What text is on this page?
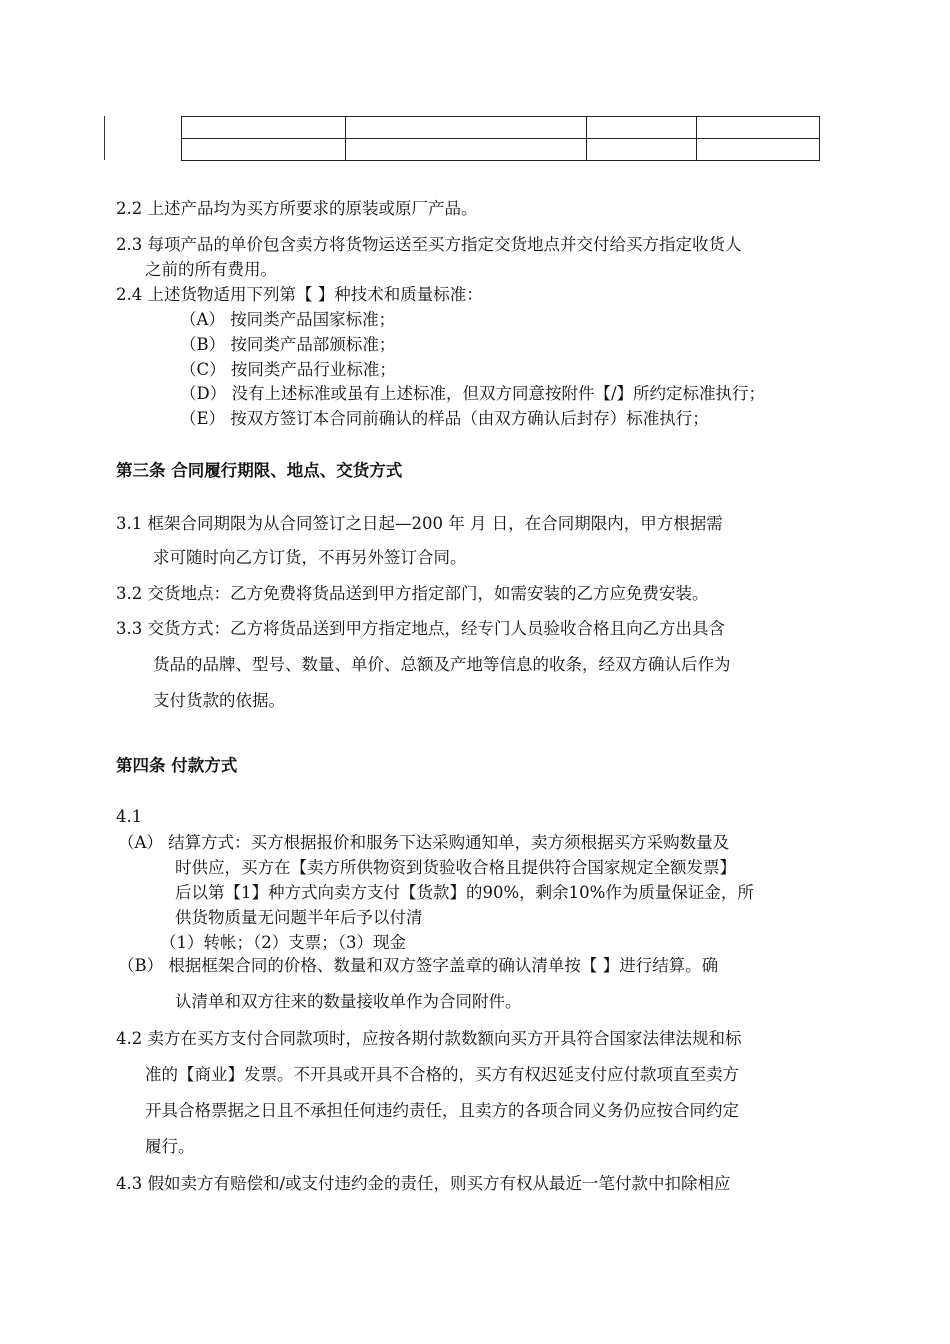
2.2 上述产品均为买方所要求的原装或原厂产品。
2.3 每项产品的单价包含卖方将货物运送至买方指定交货地点并交付给买方指定收货人
之前的所有费用。
2.4 上述货物适用下列第【 】种技术和质量标准：
（A） 按同类产品国家标准；
（B） 按同类产品部颁标准；
（C） 按同类产品行业标准；
（D） 没有上述标准或虽有上述标准，但双方同意按附件【/】所约定标准执行；
（E） 按双方签订本合同前确认的样品（由双方确认后封存）标准执行；
第三条 合同履行期限、地点、交货方式
3.1 框架合同期限为从合同签订之日起—200 年 月 日，在合同期限内，甲方根据需
求可随时向乙方订货，不再另外签订合同。
3.2 交货地点：乙方免费将货品送到甲方指定部门，如需安装的乙方应免费安装。
3.3 交货方式：乙方将货品送到甲方指定地点，经专门人员验收合格且向乙方出具含
货品的品牌、型号、数量、单价、总额及产地等信息的收条，经双方确认后作为
支付货款的依据。
第四条 付款方式
4.1
（A） 结算方式：买方根据报价和服务下达采购通知单，卖方须根据买方采购数量及
时供应，买方在【卖方所供物资到货验收合格且提供符合国家规定全额发票】
后以第【1】种方式向卖方支付【货款】的90%，剩余10%作为质量保证金，所
供货物质量无问题半年后予以付清
（1）转帐；（2）支票；（3）现金
（B） 根据框架合同的价格、数量和双方签字盖章的确认清单按【 】进行结算。确
认清单和双方往来的数量接收单作为合同附件。
4.2 卖方在买方支付合同款项时，应按各期付款数额向买方开具符合国家法律法规和标
准的【商业】发票。不开具或开具不合格的，买方有权迟延支付应付款项直至卖方
开具合格票据之日且不承担任何违约责任，且卖方的各项合同义务仍应按合同约定
履行。
4.3 假如卖方有赔偿和/或支付违约金的责任，则买方有权从最近一笔付款中扣除相应
